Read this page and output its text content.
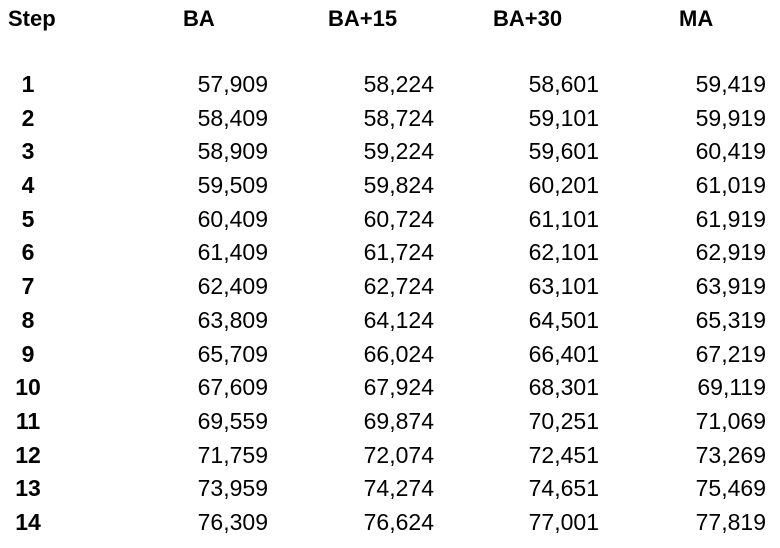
Step	BA	BA+15	BA+30	MA
1	57,909	58,224	58,601	59,419
2	58,409	58,724	59,101	59,919
3	58,909	59,224	59,601	60,419
4	59,509	59,824	60,201	61,019
5	60,409	60,724	61,101	61,919
6	61,409	61,724	62,101	62,919
7	62,409	62,724	63,101	63,919
8	63,809	64,124	64,501	65,319
9	65,709	66,024	66,401	67,219
10	67,609	67,924	68,301	69,119
11	69,559	69,874	70,251	71,069
12	71,759	72,074	72,451	73,269
13	73,959	74,274	74,651	75,469
14	76,309	76,624	77,001	77,819
